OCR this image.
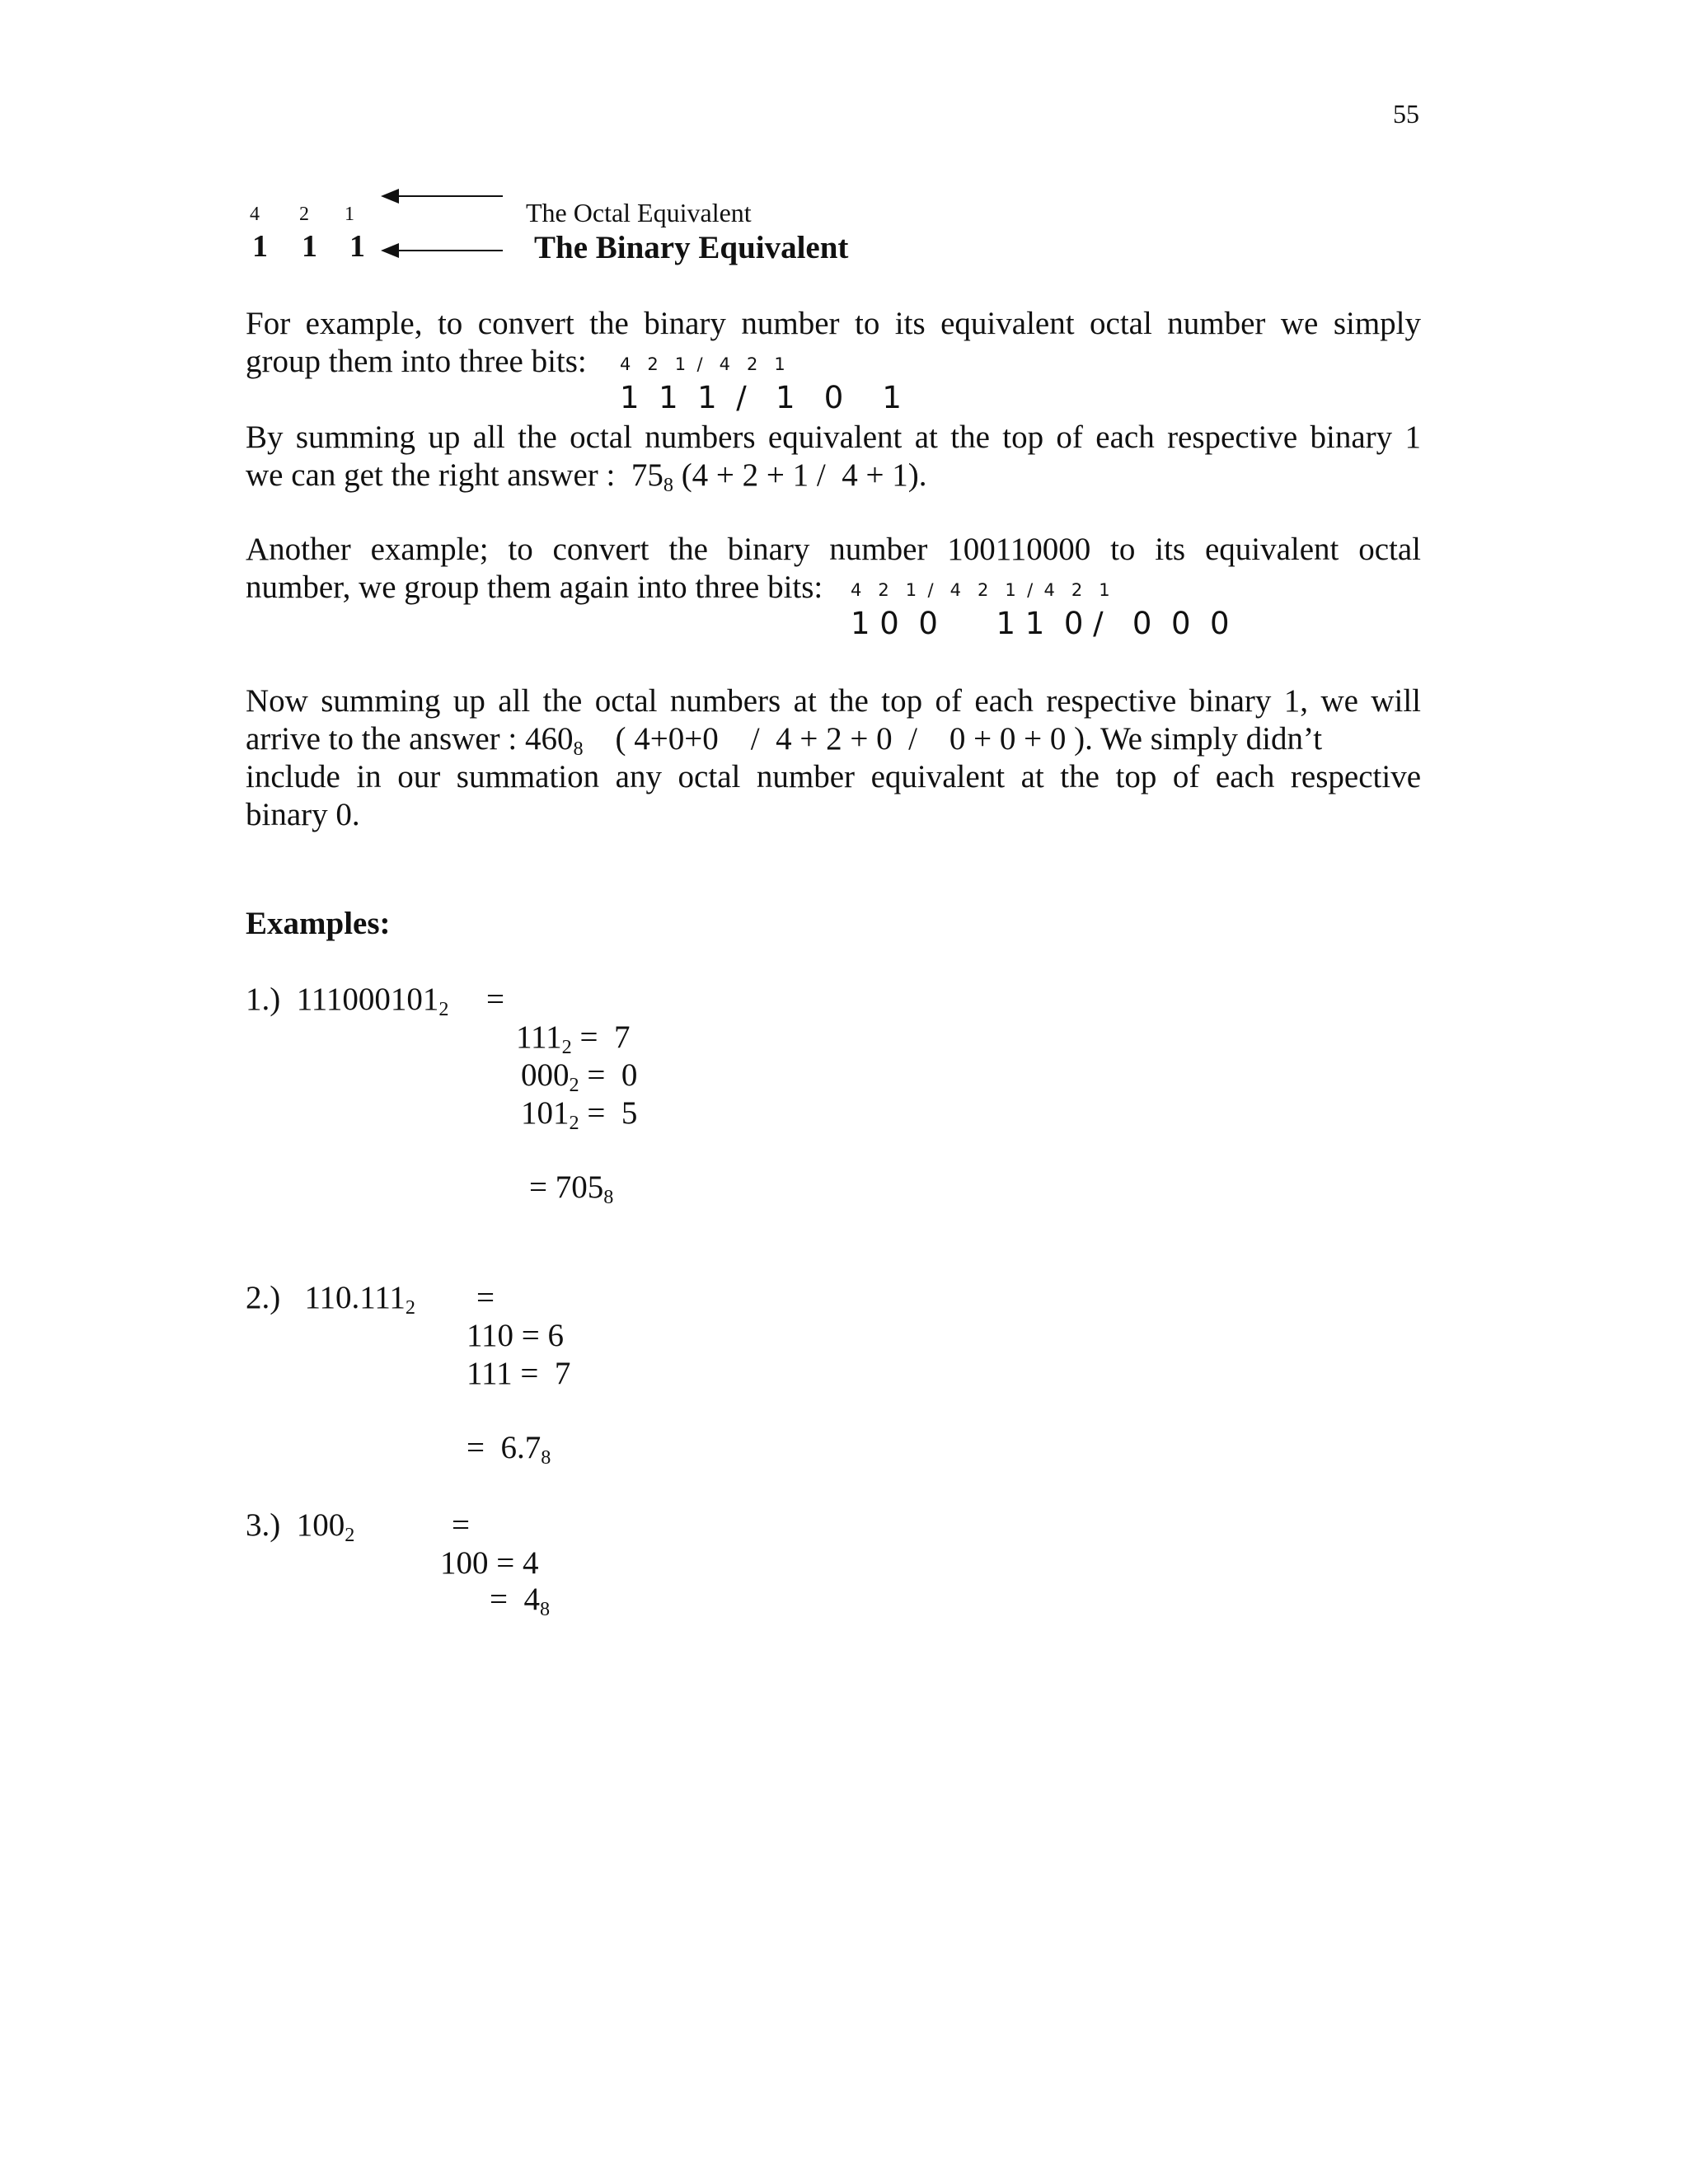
55
4 2 1
1 1 1
The Octal Equivalent
The Binary Equivalent
For example, to convert the binary number to its equivalent octal number we simply
group them into three bits: 4   2   1  /   4   2   1
1  1  1  /   1   0    1
By summing up all the octal numbers equivalent at the top of each respective binary 1
we can get the right answer :  $75_8$ (4 + 2 + 1 /  4 + 1).
Another example; to convert the binary number 100110000 to its equivalent octal
number, we group them again into three bits: 4   2   1  /   4   2   1  /  4   2   1
1 0  0      1 1  0 /   0  0  0
Now summing up all the octal numbers at the top of each respective binary 1, we will
arrive to the answer : $460_8$    ( 4+0+0    /  4 + 2 + 0  /    0 + 0 + 0 ). We simply didn’t
include in our summation any octal number equivalent at the top of each respective
binary 0.
Examples:
1.)  $111000101_2$ =
$111_2 = 7$
$000_2 = 0$
$101_2 = 5$
= $705_8$
2.)   $110.111_2$ =
110 = 6
111 =  7
=  $6.7_8$
3.)  $100_2$	=
100 = 4
=  $4_8$
